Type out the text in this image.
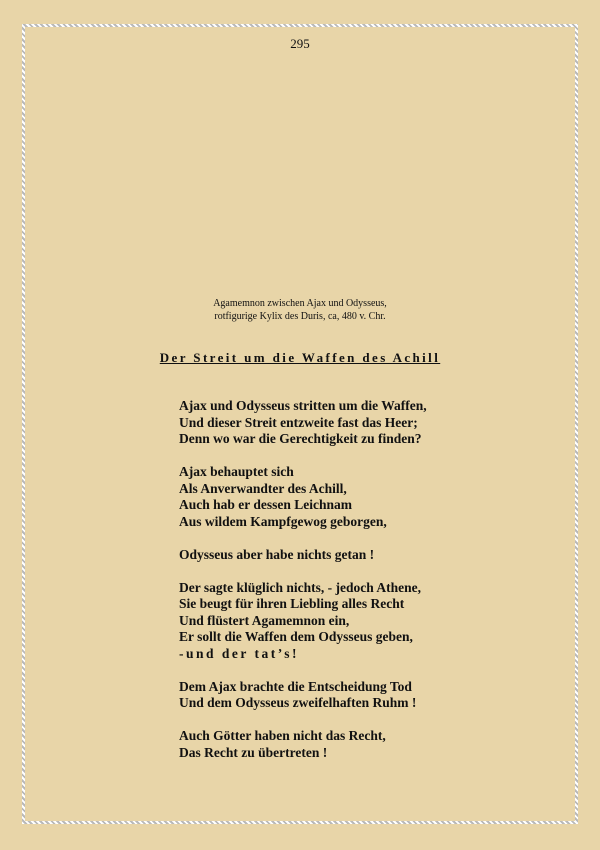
295
Agamemnon zwischen Ajax und Odysseus,
rotfigurige Kylix des Duris, ca, 480 v. Chr.
Der Streit um die Waffen des Achill
Ajax und Odysseus stritten um die Waffen,
Und dieser Streit entzweite fast das Heer;
Denn wo war die Gerechtigkeit zu finden?
Ajax behauptet sich
Als Anverwandter des Achill,
Auch hab er dessen Leichnam
Aus wildem Kampfgewog geborgen,
Odysseus aber habe nichts getan !
Der sagte klüglich nichts, - jedoch Athene,
Sie beugt für ihren Liebling alles Recht
Und flüstert Agamemnon ein,
Er sollt die Waffen dem Odysseus geben,
-und der tat’s!
Dem Ajax brachte die Entscheidung Tod
Und dem Odysseus zweifelhaften Ruhm !
Auch Götter haben nicht das Recht,
Das Recht zu übertreten !
